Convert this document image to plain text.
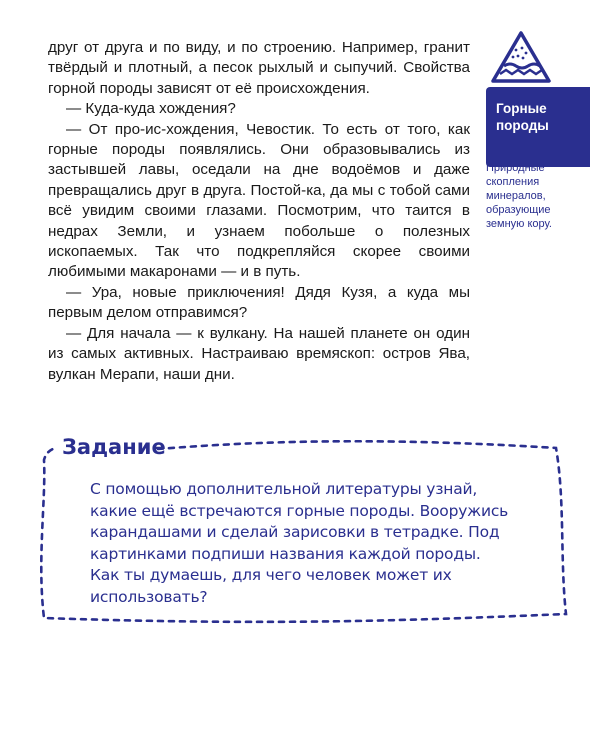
друг от друга и по виду, и по строению. Например, гранит твёрдый и плотный, а песок рыхлый и сыпучий. Свойства горной породы зависят от её происхождения.

— Куда-куда хождения?

— От про-ис-хождения, Чевостик. То есть от того, как горные породы появлялись. Они образовывались из застывшей лавы, оседали на дне водоёмов и даже превращались друг в друга. Постой-ка, да мы с тобой сами всё увидим своими глазами. Посмотрим, что таится в недрах Земли, и узнаем побольше о полезных ископаемых. Так что подкрепляйся скорее своими любимыми макаронами — и в путь.

— Ура, новые приключения! Дядя Кузя, а куда мы первым делом отправимся?

— Для начала — к вулкану. На нашей планете он один из самых активных. Настраиваю времяскоп: остров Ява, вулкан Мерапи, наши дни.

Горные породы
Природные скопления минералов, образующие земную кору.
Задание
С помощью дополнительной литературы узнай, какие ещё встречаются горные породы. Вооружись карандашами и сделай зарисовки в тетрадке. Под картинками подпиши названия каждой породы. Как ты думаешь, для чего человек может их использовать?
